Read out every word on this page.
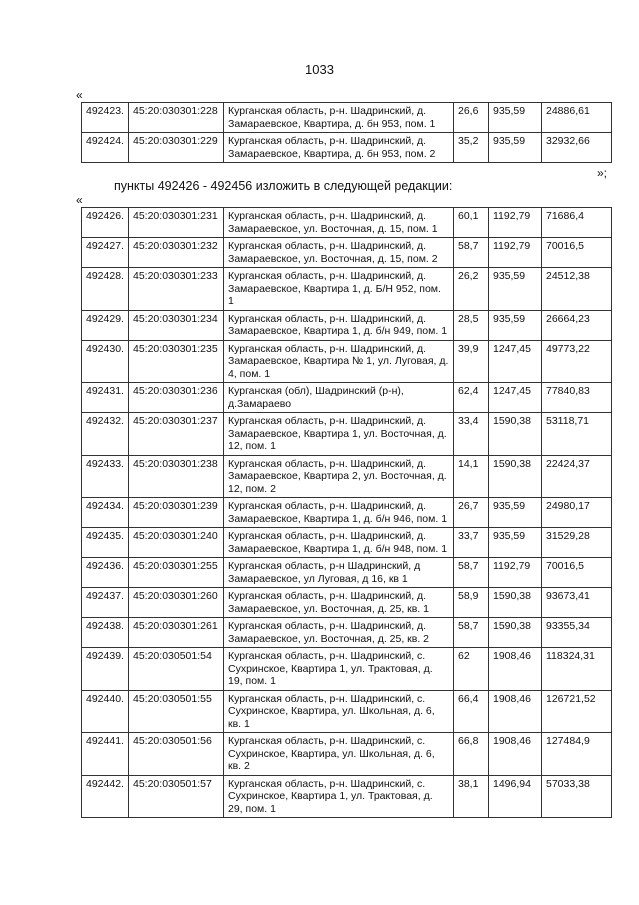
1033
«
492423.	45:20:030301:228	Курганская область, р-н. Шадринский, д. Замараевское, Квартира, д. бн 953, пом. 1	26,6	935,59	24886,61
492424.	45:20:030301:229	Курганская область, р-н. Шадринский, д. Замараевское, Квартира, д. бн 953, пом. 2	35,2	935,59	32932,66
»;
пункты 492426 - 492456 изложить в следующей редакции:
«
492426.	45:20:030301:231	Курганская область, р-н. Шадринский, д. Замараевское, ул. Восточная, д. 15, пом. 1	60,1	1192,79	71686,4
492427.	45:20:030301:232	Курганская область, р-н. Шадринский, д. Замараевское, ул. Восточная, д. 15, пом. 2	58,7	1192,79	70016,5
492428.	45:20:030301:233	Курганская область, р-н. Шадринский, д. Замараевское, Квартира 1, д. Б/Н 952, пом. 1	26,2	935,59	24512,38
492429.	45:20:030301:234	Курганская область, р-н. Шадринский, д. Замараевское, Квартира 1, д. б/н 949, пом. 1	28,5	935,59	26664,23
492430.	45:20:030301:235	Курганская область, р-н. Шадринский, д. Замараевское, Квартира № 1, ул. Луговая, д. 4, пом. 1	39,9	1247,45	49773,22
492431.	45:20:030301:236	Курганская (обл), Шадринский (р-н), д.Замараево	62,4	1247,45	77840,83
492432.	45:20:030301:237	Курганская область, р-н. Шадринский, д. Замараевское, Квартира 1, ул. Восточная, д. 12, пом. 1	33,4	1590,38	53118,71
492433.	45:20:030301:238	Курганская область, р-н. Шадринский, д. Замараевское, Квартира 2, ул. Восточная, д. 12, пом. 2	14,1	1590,38	22424,37
492434.	45:20:030301:239	Курганская область, р-н. Шадринский, д. Замараевское, Квартира 1, д. б/н 946, пом. 1	26,7	935,59	24980,17
492435.	45:20:030301:240	Курганская область, р-н. Шадринский, д. Замараевское, Квартира 1, д. б/н 948, пом. 1	33,7	935,59	31529,28
492436.	45:20:030301:255	Курганская область, р-н Шадринский, д Замараевское, ул Луговая, д 16, кв 1	58,7	1192,79	70016,5
492437.	45:20:030301:260	Курганская область, р-н. Шадринский, д. Замараевское, ул. Восточная, д. 25, кв. 1	58,9	1590,38	93673,41
492438.	45:20:030301:261	Курганская область, р-н. Шадринский, д. Замараевское, ул. Восточная, д. 25, кв. 2	58,7	1590,38	93355,34
492439.	45:20:030501:54	Курганская область, р-н. Шадринский, с. Сухринское, Квартира 1, ул. Трактовая, д. 19, пом. 1	62	1908,46	118324,31
492440.	45:20:030501:55	Курганская область, р-н. Шадринский, с. Сухринское, Квартира, ул. Школьная, д. 6, кв. 1	66,4	1908,46	126721,52
492441.	45:20:030501:56	Курганская область, р-н. Шадринский, с. Сухринское, Квартира, ул. Школьная, д. 6, кв. 2	66,8	1908,46	127484,9
492442.	45:20:030501:57	Курганская область, р-н. Шадринский, с. Сухринское, Квартира 1, ул. Трактовая, д. 29, пом. 1	38,1	1496,94	57033,38
